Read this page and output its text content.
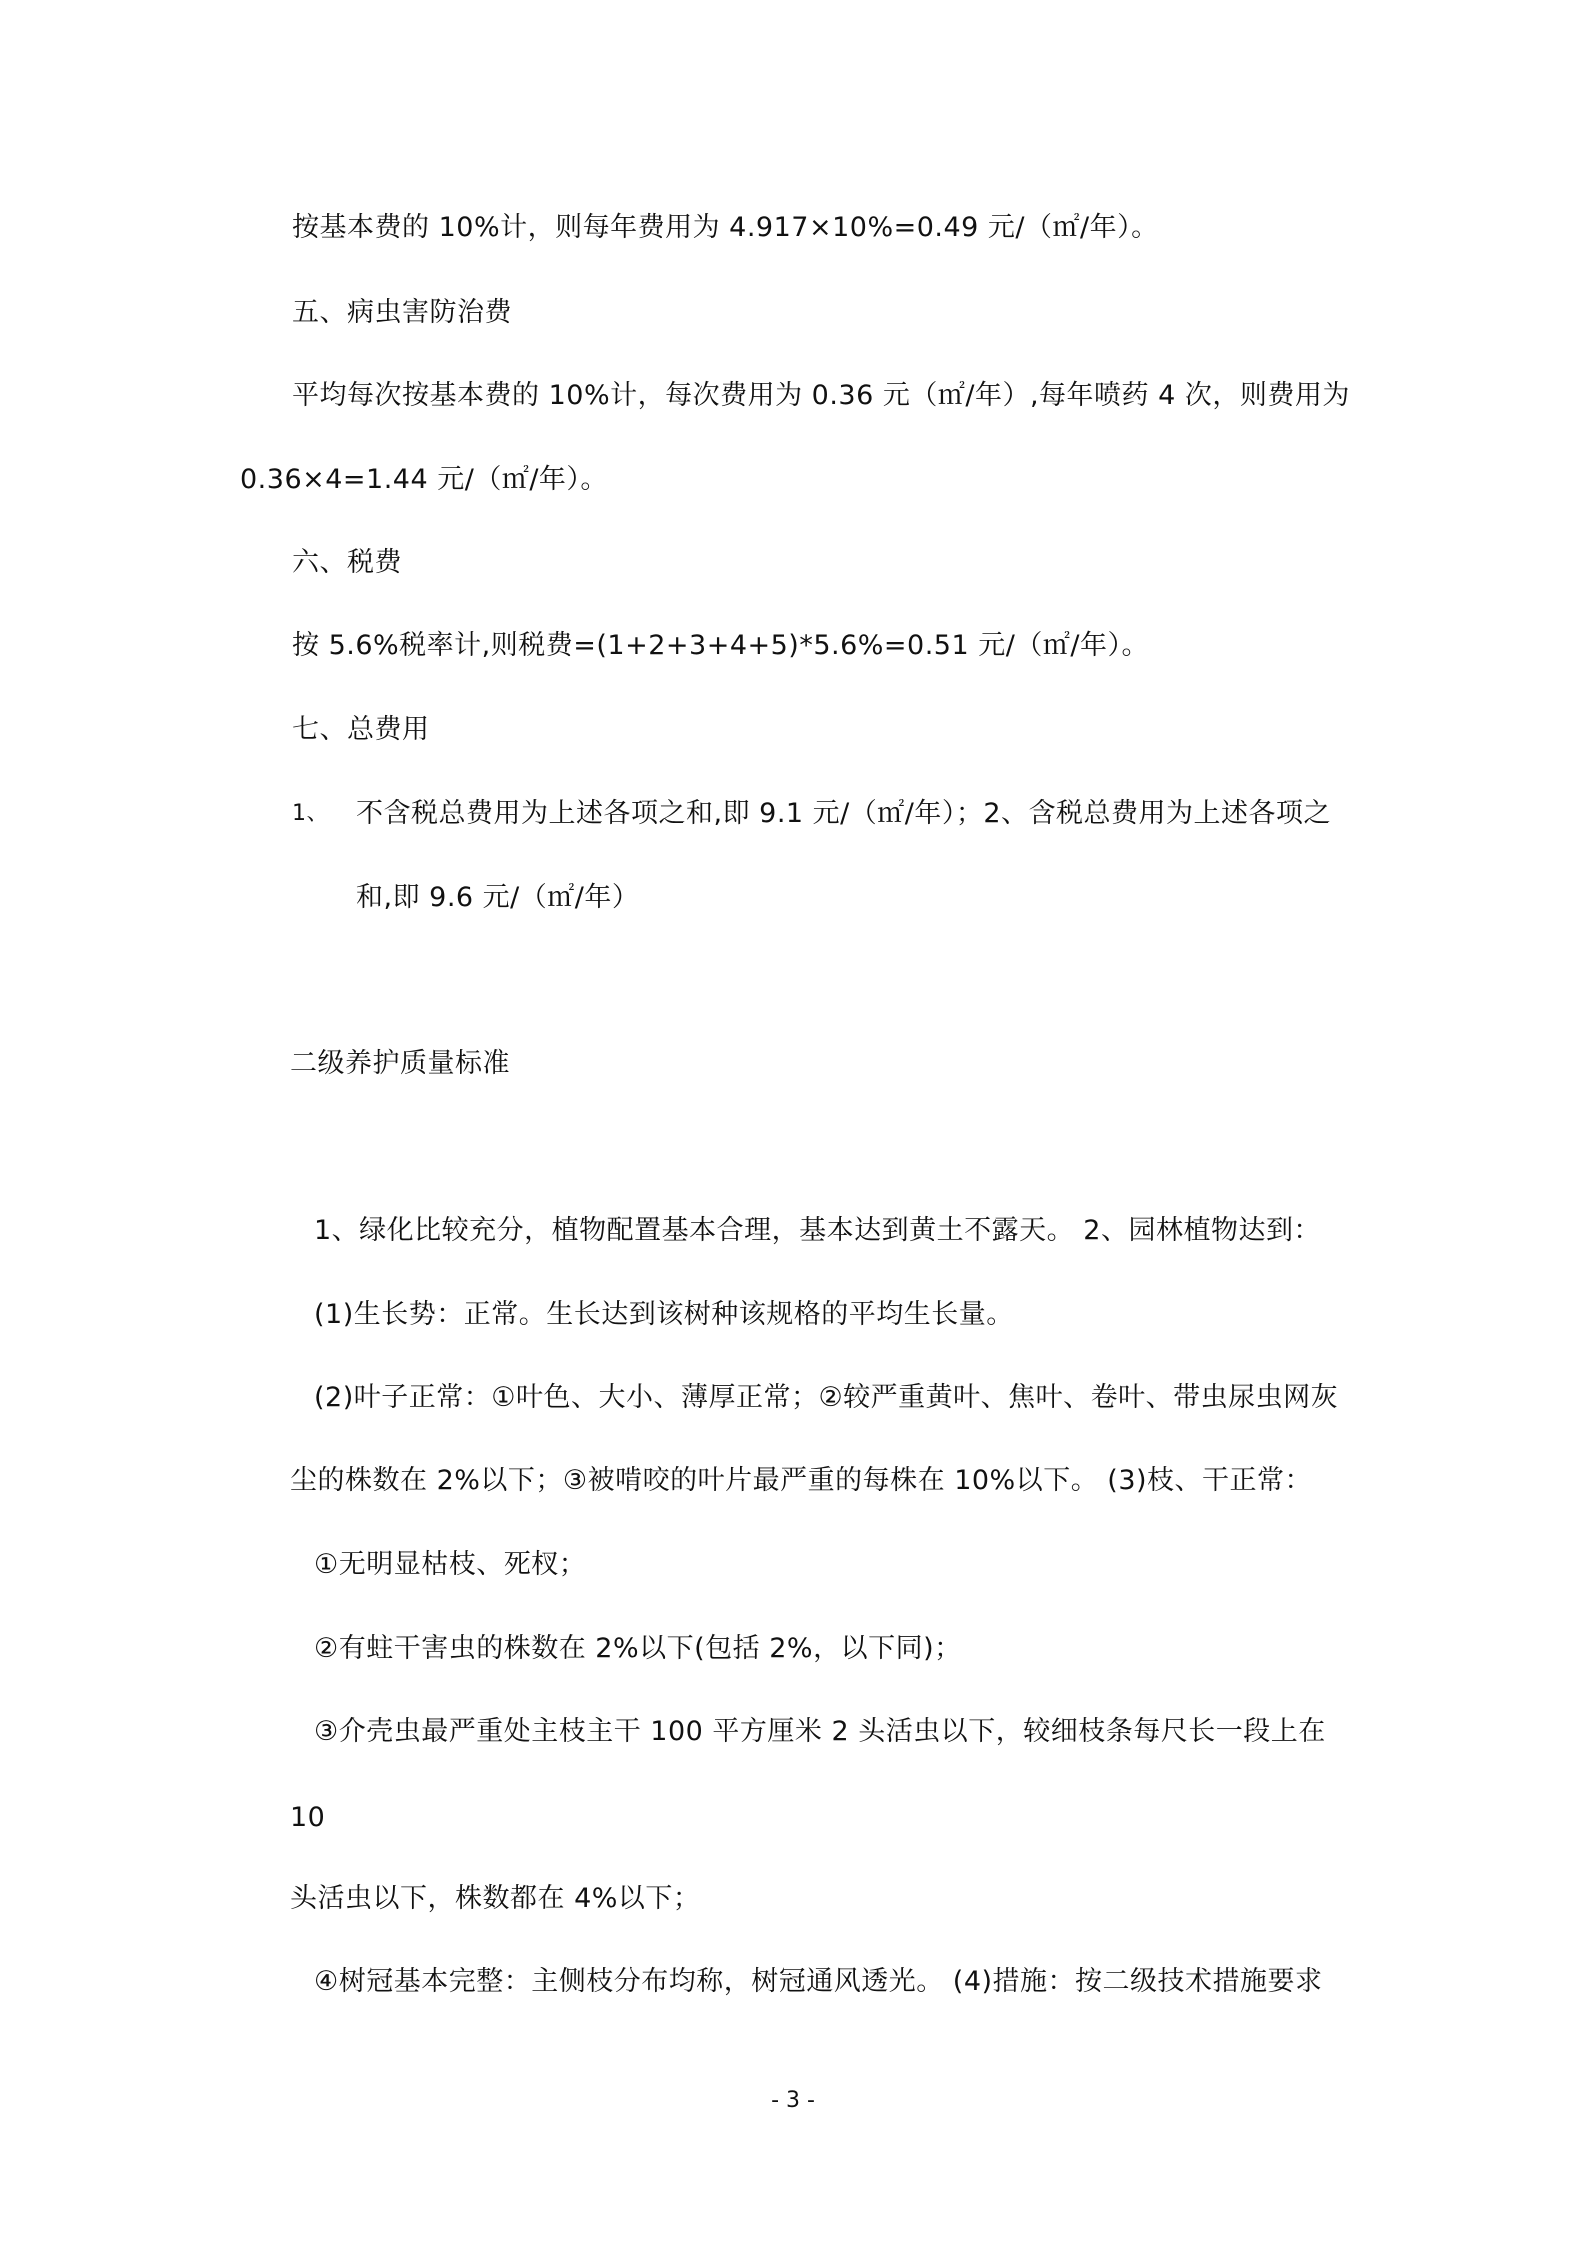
按基本费的 10%计，则每年费用为 4.917×10%=0.49 元/（㎡/年）。
五、病虫害防治费
平均每次按基本费的 10%计，每次费用为 0.36 元（㎡/年）,每年喷药 4 次，则费用为
0.36×4=1.44 元/（㎡/年）。
六、税费
按 5.6%税率计,则税费=(1+2+3+4+5)*5.6%=0.51 元/（㎡/年）。
七、总费用
1、 不含税总费用为上述各项之和,即 9.1 元/（㎡/年）；2、含税总费用为上述各项之
和,即 9.6 元/（㎡/年）
二级养护质量标准
1、绿化比较充分，植物配置基本合理，基本达到黄土不露天。 2、园林植物达到：
(1)生长势：正常。生长达到该树种该规格的平均生长量。
(2)叶子正常：①叶色、大小、薄厚正常；②较严重黄叶、焦叶、卷叶、带虫尿虫网灰
尘的株数在 2%以下；③被啃咬的叶片最严重的每株在 10%以下。 (3)枝、干正常：
①无明显枯枝、死杈；
②有蛀干害虫的株数在 2%以下(包括 2%，以下同)；
③介壳虫最严重处主枝主干 100 平方厘米 2 头活虫以下，较细枝条每尺长一段上在
10
头活虫以下，株数都在 4%以下；
④树冠基本完整：主侧枝分布均称，树冠通风透光。 (4)措施：按二级技术措施要求
- 3 -
